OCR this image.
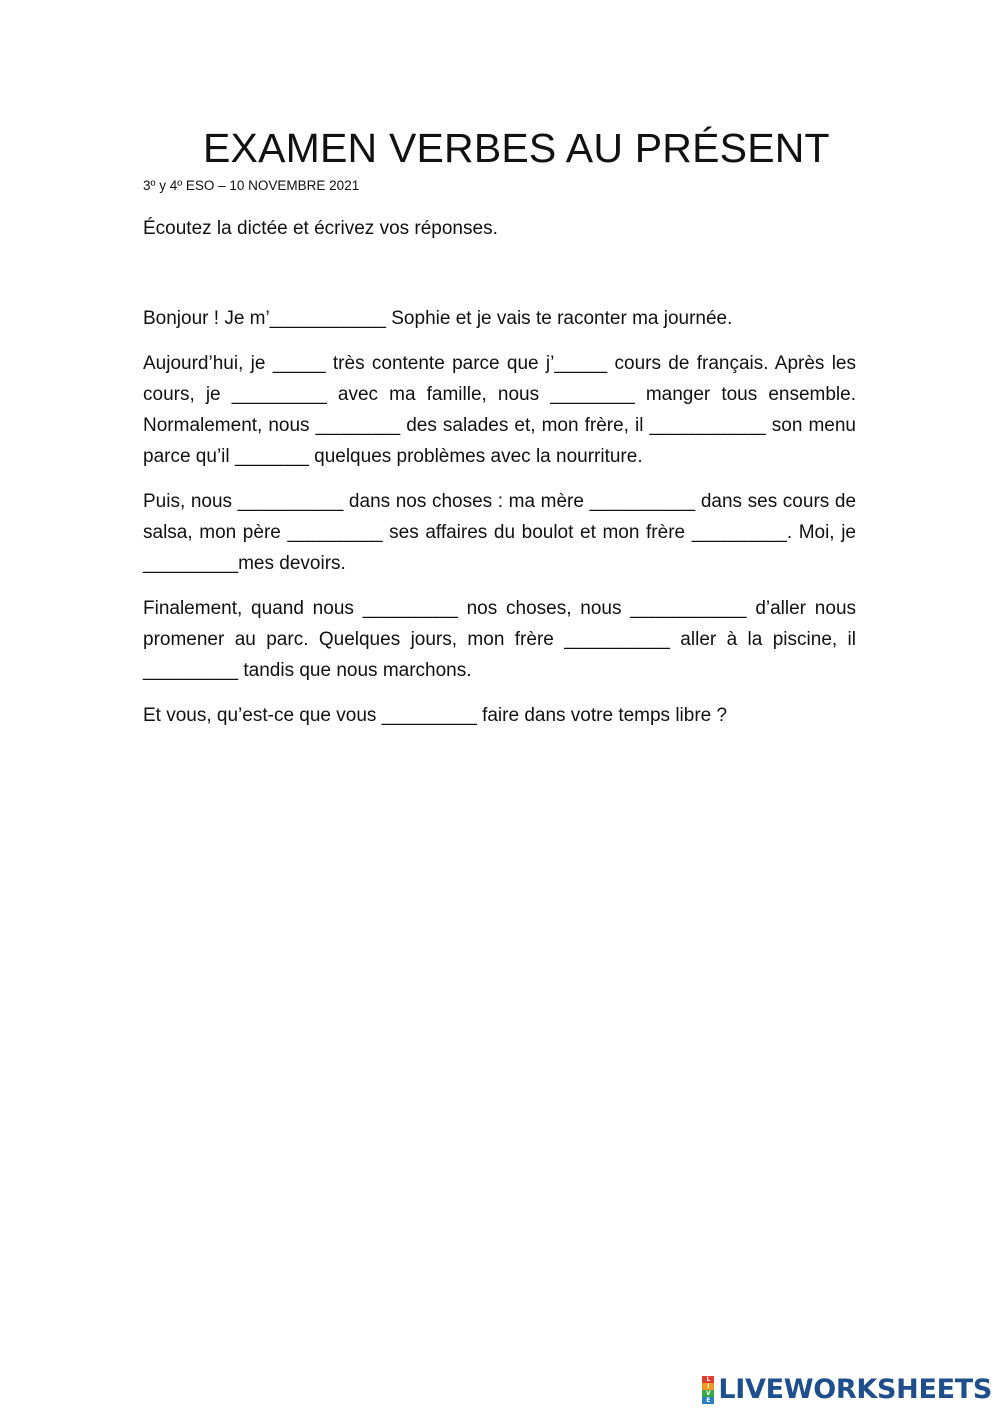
EXAMEN VERBES AU PRÉSENT
3º y 4º ESO – 10 NOVEMBRE 2021
Écoutez la dictée et écrivez vos réponses.

Bonjour ! Je m’___________ Sophie et je vais te raconter ma journée.

Aujourd’hui, je _____ très contente parce que j’_____ cours de français. Après les cours, je _________ avec ma famille, nous ________ manger tous ensemble. Normalement, nous ________ des salades et, mon frère, il ___________ son menu parce qu’il _______ quelques problèmes avec la nourriture.

Puis, nous __________ dans nos choses : ma mère __________ dans ses cours de salsa, mon père _________ ses affaires du boulot et mon frère _________. Moi, je _________mes devoirs.

Finalement, quand nous _________ nos choses, nous ___________ d’aller nous promener au parc. Quelques jours, mon frère __________ aller à la piscine, il _________ tandis que nous marchons.

Et vous, qu’est-ce que vous _________ faire dans votre temps libre ?

L
I
V
E LIVEWORKSHEETS
